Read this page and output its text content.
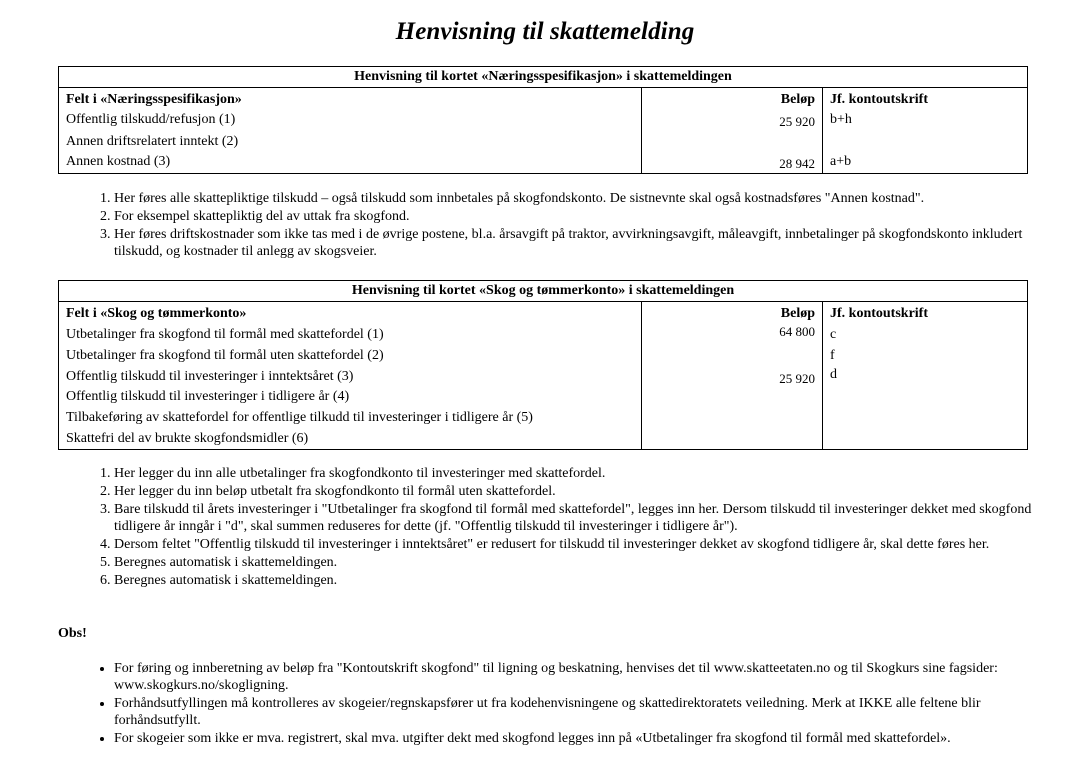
Henvisning til skattemelding
Henvisning til kortet «Næringsspesifikasjon» i skattemeldingen		
Felt i «Næringsspesifikasjon»	Beløp	Jf. kontoutskrift
Offentlig tilskudd/refusjon (1)	25 920	b+h
Annen driftsrelatert inntekt (2)		
Annen kostnad (3)	28 942	a+b
1. Her føres alle skattepliktige tilskudd – også tilskudd som innbetales på skogfondskonto. De sistnevnte skal også kostnadsføres "Annen kostnad".
2. For eksempel skattepliktig del av uttak fra skogfond.
3. Her føres driftskostnader som ikke tas med i de øvrige postene, bl.a. årsavgift på traktor, avvirkningsavgift, måleavgift, innbetalinger på skogfondskonto inkludert tilskudd, og kostnader til anlegg av skogsveier.
Henvisning til kortet «Skog og tømmerkonto» i skattemeldingen		
Felt i «Skog og tømmerkonto»	Beløp	Jf. kontoutskrift
Utbetalinger fra skogfond til formål med skattefordel (1)	64 800	c
Utbetalinger fra skogfond til formål uten skattefordel (2)		f
Offentlig tilskudd til investeringer i inntektsåret (3)	25 920	d
Offentlig tilskudd til investeringer i tidligere år (4)		
Tilbakeføring av skattefordel for offentlige tilkudd til investeringer i tidligere år (5)		
Skattefri del av brukte skogfondsmidler (6)		
1. Her legger du inn alle utbetalinger fra skogfondkonto til investeringer med skattefordel.
2. Her legger du inn beløp utbetalt fra skogfondkonto til formål uten skattefordel.
3. Bare tilskudd til årets investeringer i "Utbetalinger fra skogfond til formål med skattefordel", legges inn her. Dersom tilskudd til investeringer dekket med skogfond tidligere år inngår i "d", skal summen reduseres for dette (jf. "Offentlig tilskudd til investeringer i tidligere år").
4. Dersom feltet "Offentlig tilskudd til investeringer i inntektsåret" er redusert for tilskudd til investeringer dekket av skogfond tidligere år, skal dette føres her.
5. Beregnes automatisk i skattemeldingen.
6. Beregnes automatisk i skattemeldingen.
Obs!
• For føring og innberetning av beløp fra "Kontoutskrift skogfond" til ligning og beskatning, henvises det til www.skatteetaten.no og til Skogkurs sine fagsider: www.skogkurs.no/skogligning.
• Forhåndsutfyllingen må kontrolleres av skogeier/regnskapsfører ut fra kodehenvisningene og skattedirektoratets veiledning. Merk at IKKE alle feltene blir forhåndsutfyllt.
• For skogeier som ikke er mva. registrert, skal mva. utgifter dekt med skogfond legges inn på «Utbetalinger fra skogfond til formål med skattefordel».
